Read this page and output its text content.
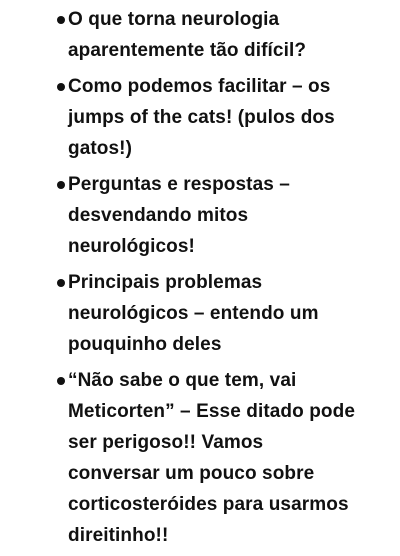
O que torna neurologia aparentemente tão difícil?
Como podemos facilitar – os jumps of the cats! (pulos dos gatos!)
Perguntas e respostas – desvendando mitos neurológicos!
Principais problemas neurológicos – entendo um pouquinho deles
“Não sabe o que tem, vai Meticorten” – Esse ditado pode ser perigoso!! Vamos conversar um pouco sobre corticosteróides para usarmos direitinho!!
